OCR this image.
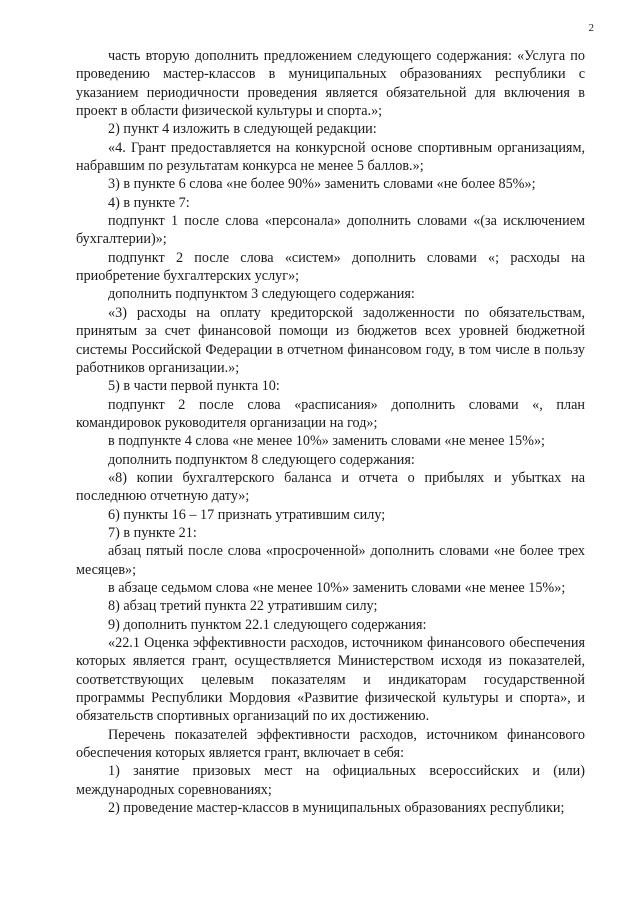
2

часть вторую дополнить предложением следующего содержания: «Услуга по проведению мастер-классов в муниципальных образованиях республики с указанием периодичности проведения является обязательной для включения в проект в области физической культуры и спорта.»;

2) пункт 4 изложить в следующей редакции:

«4. Грант предоставляется на конкурсной основе спортивным организациям, набравшим по результатам конкурса не менее 5 баллов.»;

3) в пункте 6 слова «не более 90%» заменить словами «не более 85%»;

4) в пункте 7:

подпункт 1 после слова «персонала» дополнить словами «(за исключением бухгалтерии)»;

подпункт 2 после слова «систем» дополнить словами «; расходы на приобретение бухгалтерских услуг»;

дополнить подпунктом 3 следующего содержания:

«3) расходы на оплату кредиторской задолженности по обязательствам, принятым за счет финансовой помощи из бюджетов всех уровней бюджетной системы Российской Федерации в отчетном финансовом году, в том числе в пользу работников организации.»;

5) в части первой пункта 10:

подпункт 2 после слова «расписания» дополнить словами «, план командировок руководителя организации на год»;

в подпункте 4 слова «не менее 10%» заменить словами «не менее 15%»;

дополнить подпунктом 8 следующего содержания:

«8) копии бухгалтерского баланса и отчета о прибылях и убытках на последнюю отчетную дату»;

6) пункты 16 – 17 признать утратившим силу;

7) в пункте 21:

абзац пятый после слова «просроченной» дополнить словами «не более трех месяцев»;

в абзаце седьмом слова «не менее 10%» заменить словами «не менее 15%»;

8) абзац третий пункта 22 утратившим силу;

9) дополнить пунктом 22.1 следующего содержания:

«22.1 Оценка эффективности расходов, источником финансового обеспечения которых является грант, осуществляется Министерством исходя из показателей, соответствующих целевым показателям и индикаторам государственной программы Республики Мордовия «Развитие физической культуры и спорта», и обязательств спортивных организаций по их достижению.

Перечень показателей эффективности расходов, источником финансового обеспечения которых является грант, включает в себя:

1) занятие призовых мест на официальных всероссийских и (или) международных соревнованиях;

2) проведение мастер-классов в муниципальных образованиях республики;
